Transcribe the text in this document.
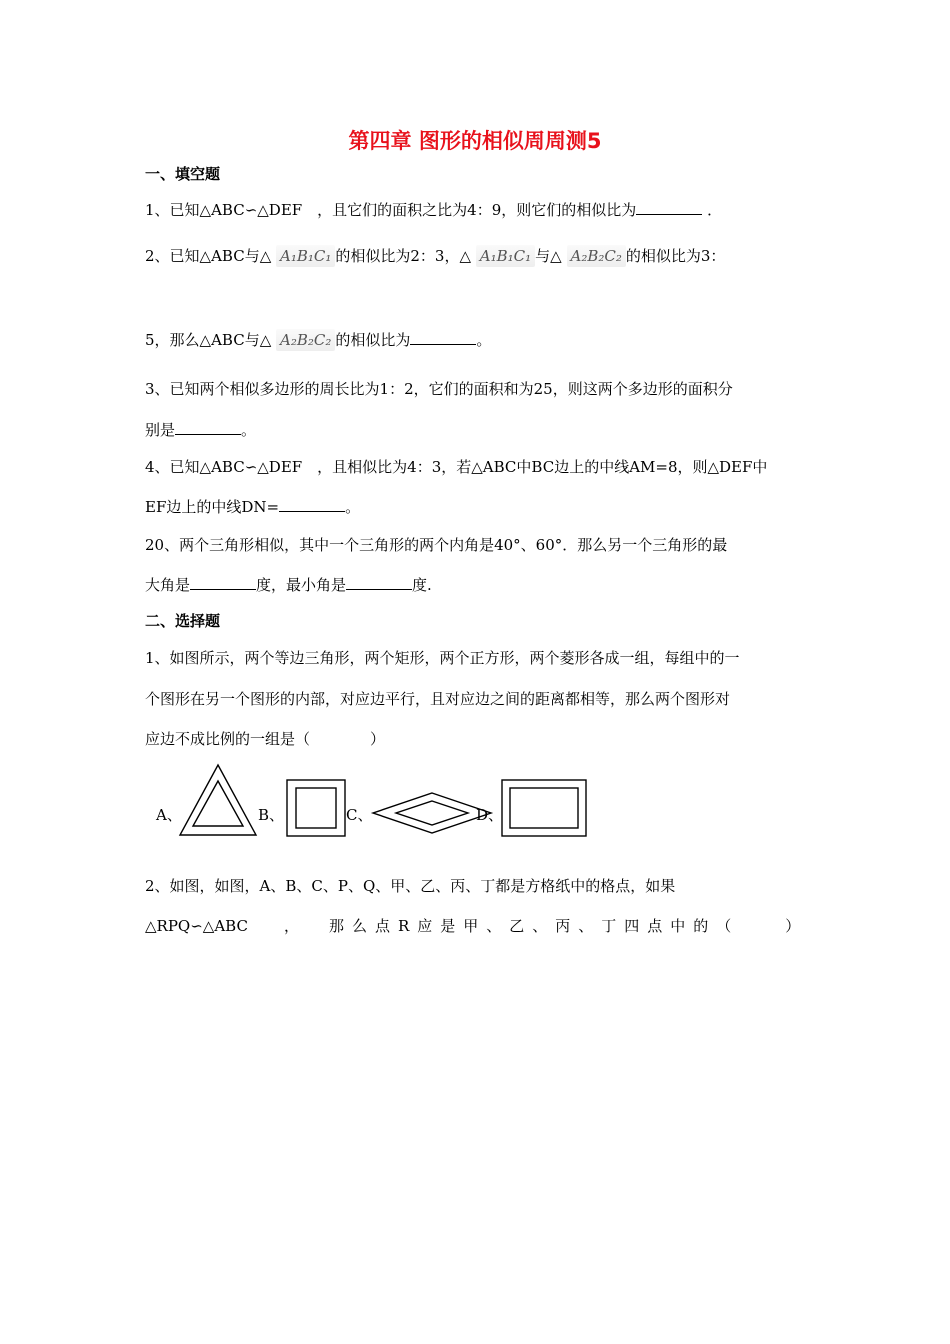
第四章 图形的相似周周测5
一、填空题
1、已知△ABC∽△DEF　，且它们的面积之比为4：9，则它们的相似比为	．
2、已知△ABC与△ A₁B₁C₁ 的相似比为2：3，△ A₁B₁C₁ 与△ A₂B₂C₂ 的相似比为3：
5，那么△ABC与△ A₂B₂C₂ 的相似比为	。
3、已知两个相似多边形的周长比为1：2，它们的面积和为25，则这两个多边形的面积分
别是	。
4、已知△ABC∽△DEF　，且相似比为4：3，若△ABC中BC边上的中线AM=8，则△DEF中
EF边上的中线DN=	。
20、两个三角形相似，其中一个三角形的两个内角是40°、60°．那么另一个三角形的最
大角是	度，最小角是	度.
二、选择题
1、如图所示，两个等边三角形，两个矩形，两个正方形，两个菱形各成一组，每组中的一
个图形在另一个图形的内部，对应边平行，且对应边之间的距离都相等，那么两个图形对
应边不成比例的一组是（　　　　）
A、	B、	C、	D、
2、如图，如图，A、B、C、P、Q、甲、乙、丙、丁都是方格纸中的格点，如果
△RPQ∽△ABC ， 那么点R应是甲、乙、丙、丁四点中的（　　）
